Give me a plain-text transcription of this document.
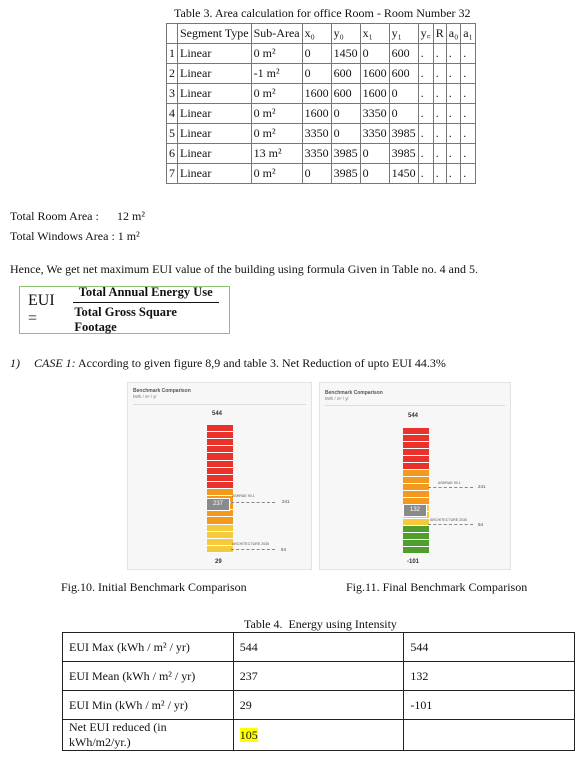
Table 3. Area calculation for office Room - Room Number 32
	Segment Type	Sub-Area	x₀	y₀	x₁	y₁	y꜀	R	a₀	a₁
1	Linear	0 m²	0	1450	0	600	.	.	.	.
2	Linear	-1 m²	0	600	1600	600	.	.	.	.
3	Linear	0 m²	1600	600	1600	0	.	.	.	.
4	Linear	0 m²	1600	0	3350	0	.	.	.	.
5	Linear	0 m²	3350	0	3350	3985	.	.	.	.
6	Linear	13 m²	3350	3985	0	3985	.	.	.	.
7	Linear	0 m²	0	3985	0	1450	.	.	.	.
Total Room Area : 12 m²
Total Windows Area : 1 m²
Hence, We get net maximum EUI value of the building using formula Given in Table no. 4 and 5.
EUI =	$\frac{\text{Total Annual Energy Use}}{\text{Total Gross Square Footage}}$
1) CASE 1: According to given figure 8,9 and table 3. Net Reduction of upto EUI 44.3%
Benchmark Comparison
kWh / m² / yr
544
237
ASHRAE 90.1
241
ARCHITECTURE 2030
54
29
Benchmark Comparison
kWh / m² / yr
544
132
ASHRAE 90.1
241
ARCHITECTURE 2030
54
-101
Fig.10. Initial Benchmark Comparison	Fig.11. Final Benchmark Comparison
Table 4.  Energy using Intensity
EUI Max (kWh / m² / yr)	544	544
EUI Mean (kWh / m² / yr)	237	132
EUI Min (kWh / m² / yr)	29	-101
Net EUI reduced (in kWh/m2/yr.)	105	
